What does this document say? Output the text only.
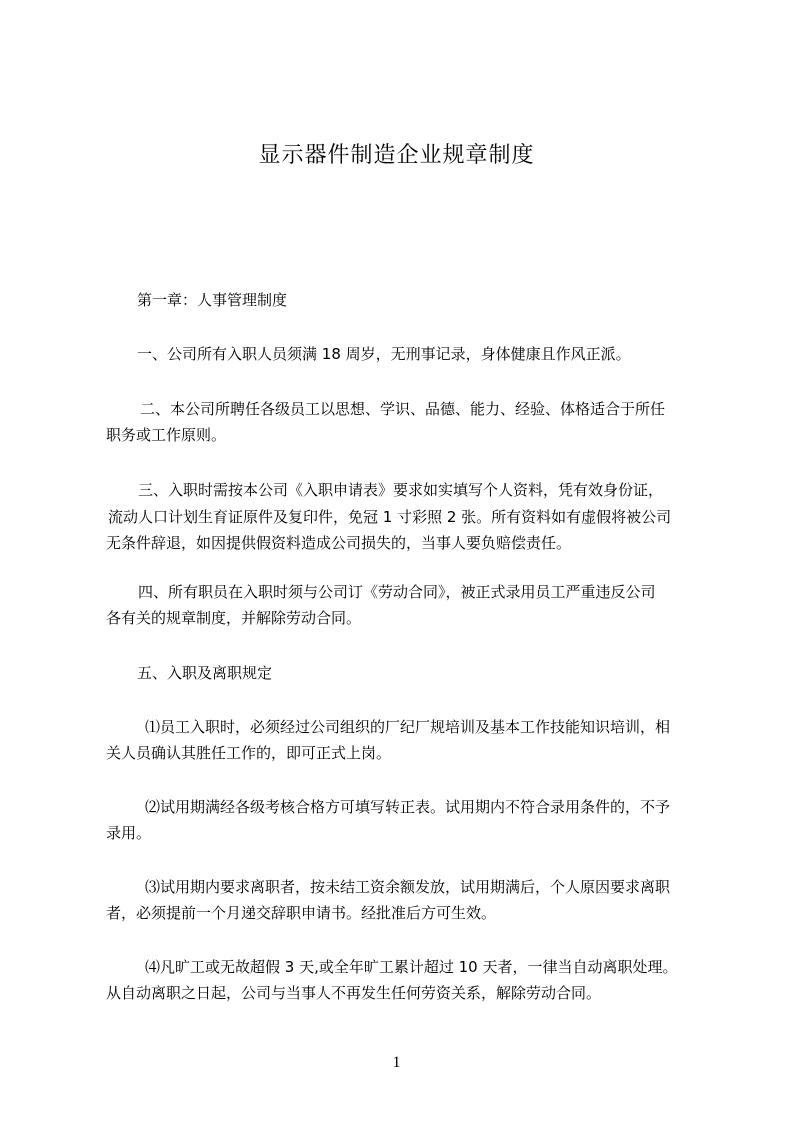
显示器件制造企业规章制度
第一章：人事管理制度
一、公司所有入职人员须满 18 周岁，无刑事记录，身体健康且作风正派。
二、本公司所聘任各级员工以思想、学识、品德、能力、经验、体格适合于所任
职务或工作原则。
三、入职时需按本公司《入职申请表》要求如实填写个人资料，凭有效身份证，
流动人口计划生育证原件及复印件，免冠 1 寸彩照 2 张。所有资料如有虚假将被公司
无条件辞退，如因提供假资料造成公司损失的，当事人要负赔偿责任。
四、所有职员在入职时须与公司订《劳动合同》，被正式录用员工严重违反公司
各有关的规章制度，并解除劳动合同。
五、入职及离职规定
⑴员工入职时，必须经过公司组织的厂纪厂规培训及基本工作技能知识培训，相
关人员确认其胜任工作的，即可正式上岗。
⑵试用期满经各级考核合格方可填写转正表。试用期内不符合录用条件的，不予
录用。
⑶试用期内要求离职者，按未结工资余额发放，试用期满后，个人原因要求离职
者，必须提前一个月递交辞职申请书。经批准后方可生效。
⑷凡旷工或无故超假 3 天,或全年旷工累计超过 10 天者，一律当自动离职处理。
从自动离职之日起，公司与当事人不再发生任何劳资关系，解除劳动合同。
1
